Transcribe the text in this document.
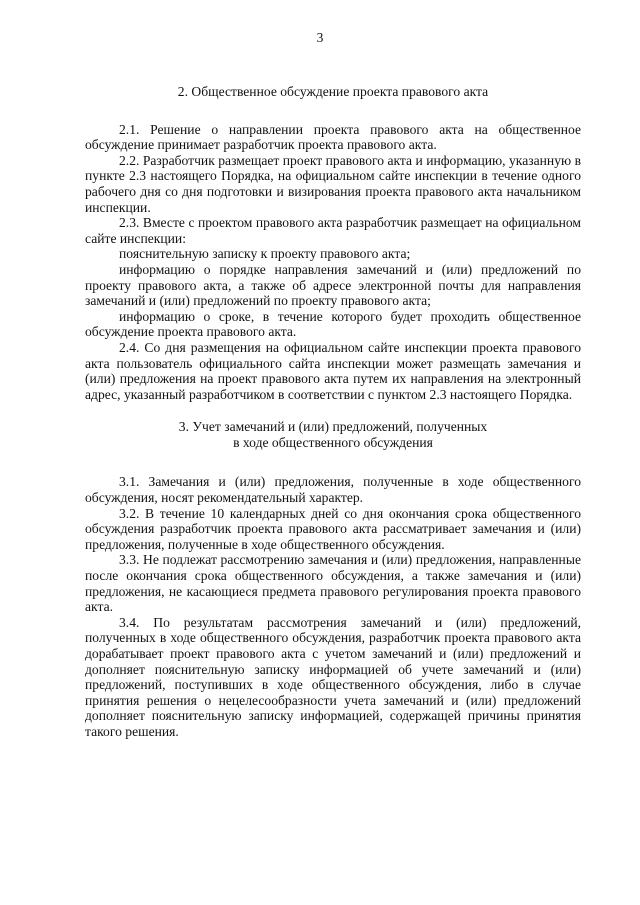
3

2. Общественное обсуждение проекта правового акта

2.1. Решение о направлении проекта правового акта на общественное обсуждение принимает разработчик проекта правового акта.

2.2. Разработчик размещает проект правового акта и информацию, указанную в пункте 2.3 настоящего Порядка, на официальном сайте инспекции в течение одного рабочего дня со дня подготовки и визирования проекта правового акта начальником инспекции.

2.3. Вместе с проектом правового акта разработчик размещает на официальном сайте инспекции:

пояснительную записку к проекту правового акта;

информацию о порядке направления замечаний и (или) предложений по проекту правового акта, а также об адресе электронной почты для направления замечаний и (или) предложений по проекту правового акта;

информацию о сроке, в течение которого будет проходить общественное обсуждение проекта правового акта.

2.4. Со дня размещения на официальном сайте инспекции проекта правового акта пользователь официального сайта инспекции может размещать замечания и (или) предложения на проект правового акта путем их направления на электронный адрес, указанный разработчиком в соответствии с пунктом 2.3 настоящего Порядка.

3. Учет замечаний и (или) предложений, полученных
в ходе общественного обсуждения

3.1. Замечания и (или) предложения, полученные в ходе общественного обсуждения, носят рекомендательный характер.

3.2. В течение 10 календарных дней со дня окончания срока общественного обсуждения разработчик проекта правового акта рассматривает замечания и (или) предложения, полученные в ходе общественного обсуждения.

3.3. Не подлежат рассмотрению замечания и (или) предложения, направленные после окончания срока общественного обсуждения, а также замечания и (или) предложения, не касающиеся предмета правового регулирования проекта правового акта.

3.4. По результатам рассмотрения замечаний и (или) предложений, полученных в ходе общественного обсуждения, разработчик проекта правового акта дорабатывает проект правового акта с учетом замечаний и (или) предложений и дополняет пояснительную записку информацией об учете замечаний и (или) предложений, поступивших в ходе общественного обсуждения, либо в случае принятия решения о нецелесообразности учета замечаний и (или) предложений дополняет пояснительную записку информацией, содержащей причины принятия такого решения.
